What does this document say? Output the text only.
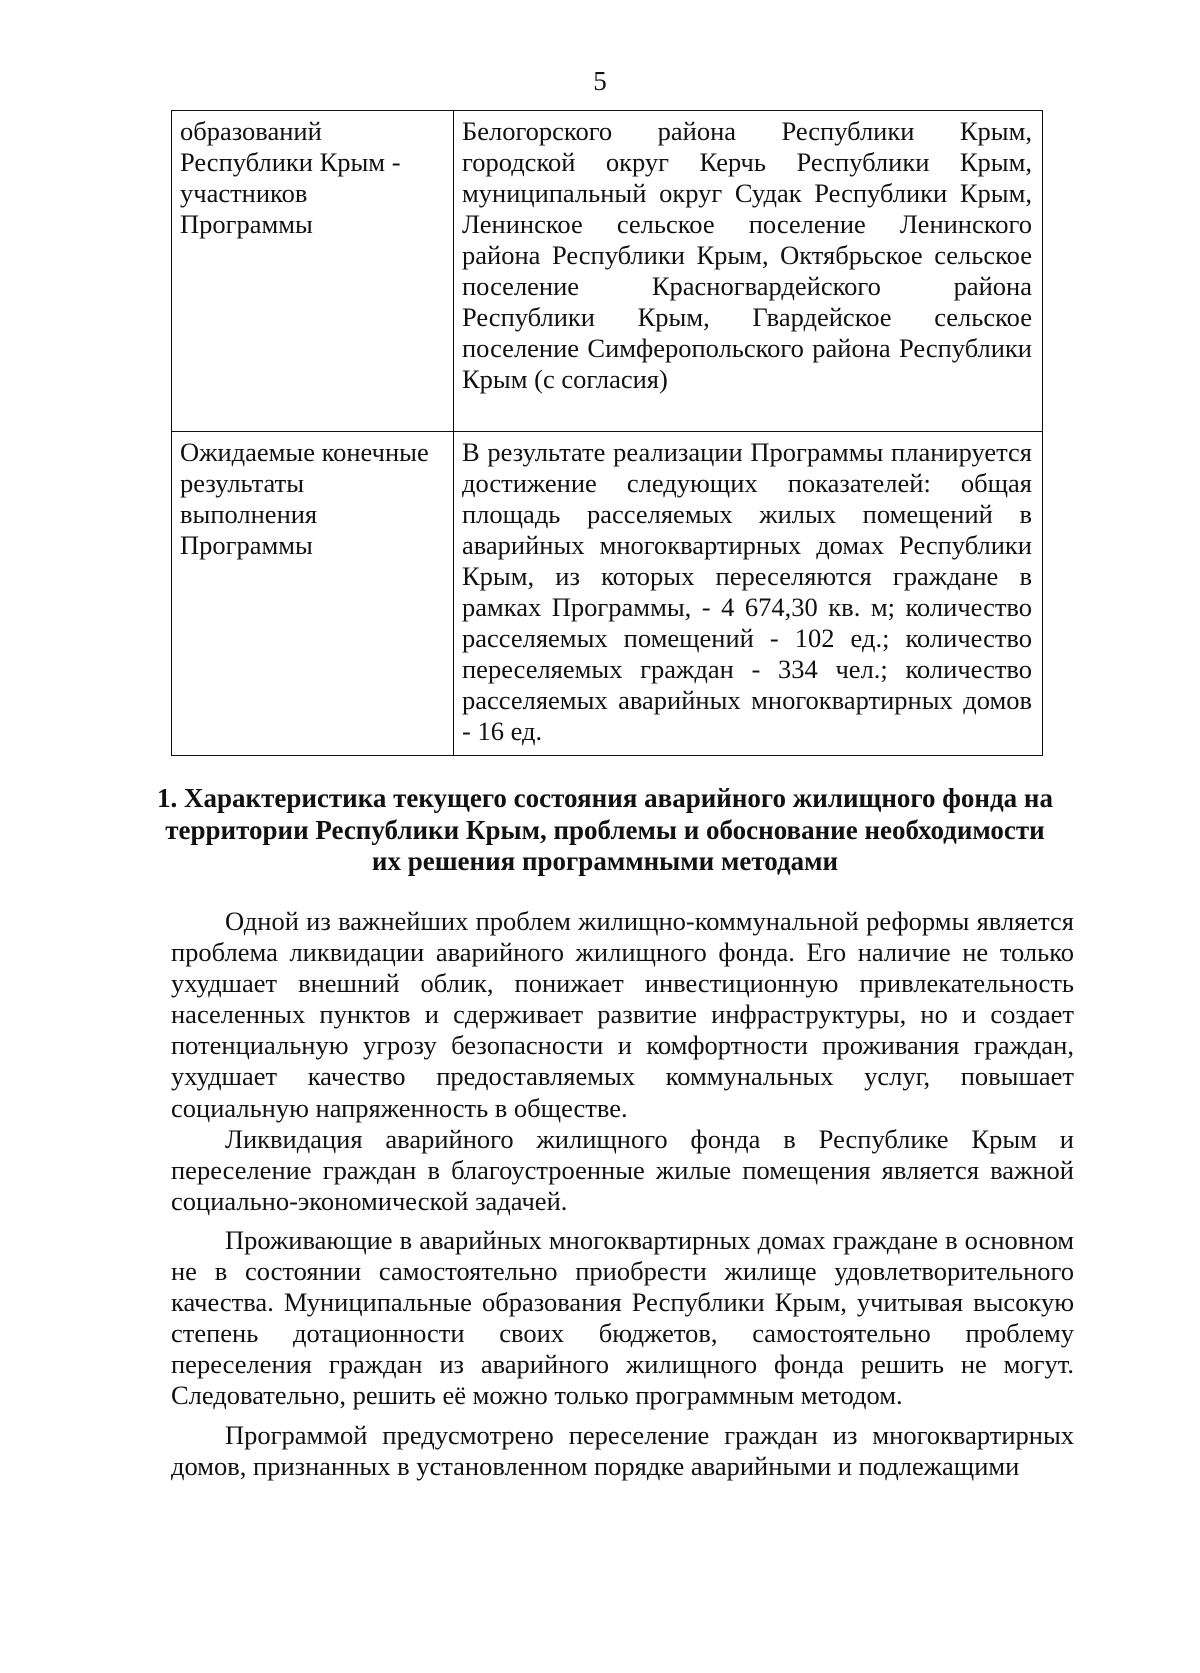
5
образований Республики Крым - участников Программы	Белогорского района Республики Крым, городской округ Керчь Республики Крым, муниципальный округ Судак Республики Крым, Ленинское сельское поселение Ленинского района Республики Крым, Октябрьское сельское поселение Красногвардейского района Республики Крым, Гвардейское сельское поселение Симферопольского района Республики Крым (с согласия)
Ожидаемые конечные результаты выполнения Программы	В результате реализации Программы планируется достижение следующих показателей: общая площадь расселяемых жилых помещений в аварийных многоквартирных домах Республики Крым, из которых переселяются граждане в рамках Программы, - 4 674,30 кв. м; количество расселяемых помещений - 102 ед.; количество переселяемых граждан - 334 чел.; количество расселяемых аварийных многоквартирных домов - 16 ед.
1. Характеристика текущего состояния аварийного жилищного фонда на территории Республики Крым, проблемы и обоснование необходимости их решения программными методами

Одной из важнейших проблем жилищно-коммунальной реформы является проблема ликвидации аварийного жилищного фонда. Его наличие не только ухудшает внешний облик, понижает инвестиционную привлекательность населенных пунктов и сдерживает развитие инфраструктуры, но и создает потенциальную угрозу безопасности и комфортности проживания граждан, ухудшает качество предоставляемых коммунальных услуг, повышает социальную напряженность в обществе.

Ликвидация аварийного жилищного фонда в Республике Крым и переселение граждан в благоустроенные жилые помещения является важной социально-экономической задачей.

Проживающие в аварийных многоквартирных домах граждане в основном не в состоянии самостоятельно приобрести жилище удовлетворительного качества. Муниципальные образования Республики Крым, учитывая высокую степень дотационности своих бюджетов, самостоятельно проблему переселения граждан из аварийного жилищного фонда решить не могут. Следовательно, решить её можно только программным методом.

Программой предусмотрено переселение граждан из многоквартирных домов, признанных в установленном порядке аварийными и подлежащими
